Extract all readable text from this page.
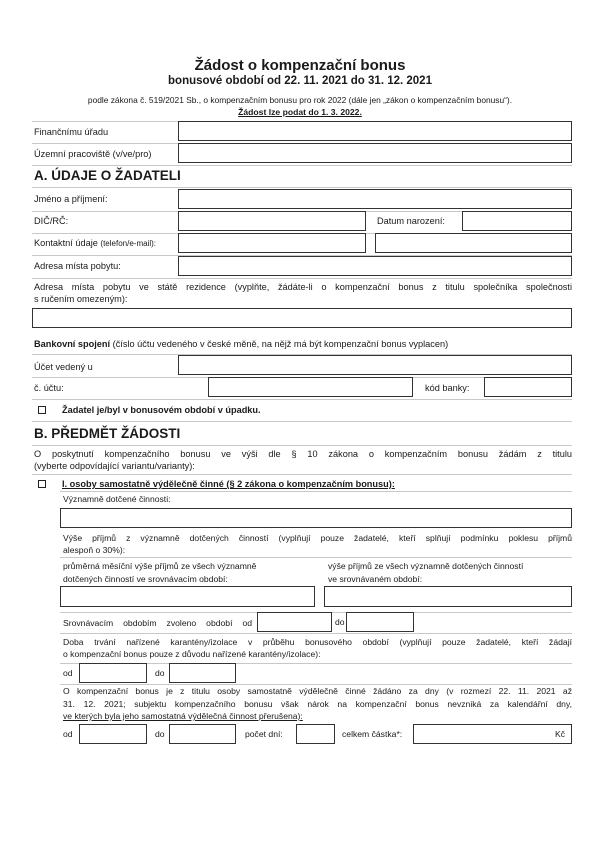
Žádost o kompenzační bonus
bonusové období od 22. 11. 2021 do 31. 12. 2021
podle zákona č. 519/2021 Sb., o kompenzačním bonusu pro rok 2022 (dále jen „zákon o kompenzačním bonusu“).
Žádost lze podat do 1. 3. 2022.
Finančnímu úřadu
Územní pracoviště (v/ve/pro)
A. ÚDAJE O ŽADATELI
Jméno a příjmení:
DIČ/RČ:	Datum narození:
Kontaktní údaje (telefon/e-mail):
Adresa místa pobytu:
Adresa místa pobytu ve státě rezidence (vyplňte, žádáte-li o kompenzační bonus z titulu společníka společnosti
s ručením omezeným):
Bankovní spojení (číslo účtu vedeného v české měně, na nějž má být kompenzační bonus vyplacen)
Účet vedený u
č. účtu:	kód banky:
Žadatel je/byl v bonusovém období v úpadku.
B. PŘEDMĚT ŽÁDOSTI
O poskytnutí kompenzačního bonusu ve výši dle § 10 zákona o kompenzačním bonusu žádám z titulu
(vyberte odpovídající variantu/varianty):
I. osoby samostatně výdělečně činné (§ 2 zákona o kompenzačním bonusu):
Významně dotčené činnosti:
Výše příjmů z významně dotčených činností (vyplňují pouze žadatelé, kteří splňují podmínku poklesu příjmů
alespoň o 30%):
průměrná měsíční výše příjmů ze všech významně
dotčených činností ve srovnávacím období:
výše příjmů ze všech významně dotčených činností
ve srovnávaném období:
Srovnávacím obdobím zvoleno období od	do
Doba trvání nařízené karantény/izolace v průběhu bonusového období (vyplňují pouze žadatelé, kteří žádají
o kompenzační bonus pouze z důvodu nařízené karantény/izolace):
od	do
O kompenzační bonus je z titulu osoby samostatně výdělečně činné žádáno za dny (v rozmezí 22. 11. 2021 až
31. 12. 2021; subjektu kompenzačního bonusu však nárok na kompenzační bonus nevzniká za kalendářní dny,
ve kterých byla jeho samostatná výdělečná činnost přerušena):
od	do	počet dní:	celkem částka*:	Kč
